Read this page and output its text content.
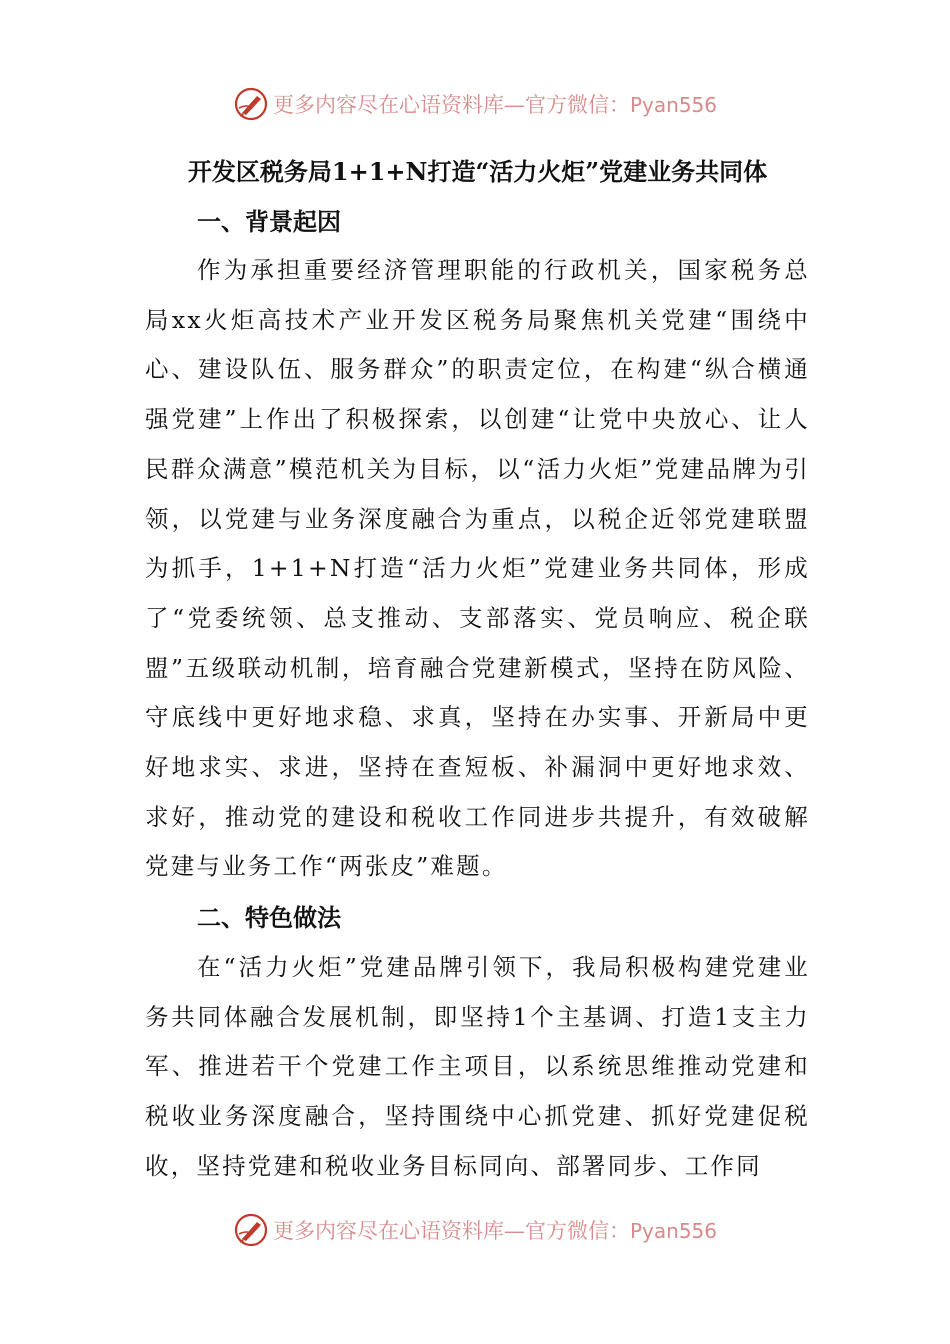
更多内容尽在心语资料库—官方微信：Pyan556
开发区税务局1+1+N打造“活力火炬”党建业务共同体
一、背景起因
作为承担重要经济管理职能的行政机关，国家税务总局xx火炬高技术产业开发区税务局聚焦机关党建“围绕中心、建设队伍、服务群众”的职责定位，在构建“纵合横通强党建”上作出了积极探索，以创建“让党中央放心、让人民群众满意”模范机关为目标，以“活力火炬”党建品牌为引领，以党建与业务深度融合为重点，以税企近邻党建联盟为抓手，1+1+N打造“活力火炬”党建业务共同体，形成了“党委统领、总支推动、支部落实、党员响应、税企联盟”五级联动机制，培育融合党建新模式，坚持在防风险、守底线中更好地求稳、求真，坚持在办实事、开新局中更好地求实、求进，坚持在查短板、补漏洞中更好地求效、求好，推动党的建设和税收工作同进步共提升，有效破解党建与业务工作“两张皮”难题。
二、特色做法
在“活力火炬”党建品牌引领下，我局积极构建党建业务共同体融合发展机制，即坚持1个主基调、打造1支主力军、推进若干个党建工作主项目，以系统思维推动党建和税收业务深度融合，坚持围绕中心抓党建、抓好党建促税收，坚持党建和税收业务目标同向、部署同步、工作同
更多内容尽在心语资料库—官方微信：Pyan556
